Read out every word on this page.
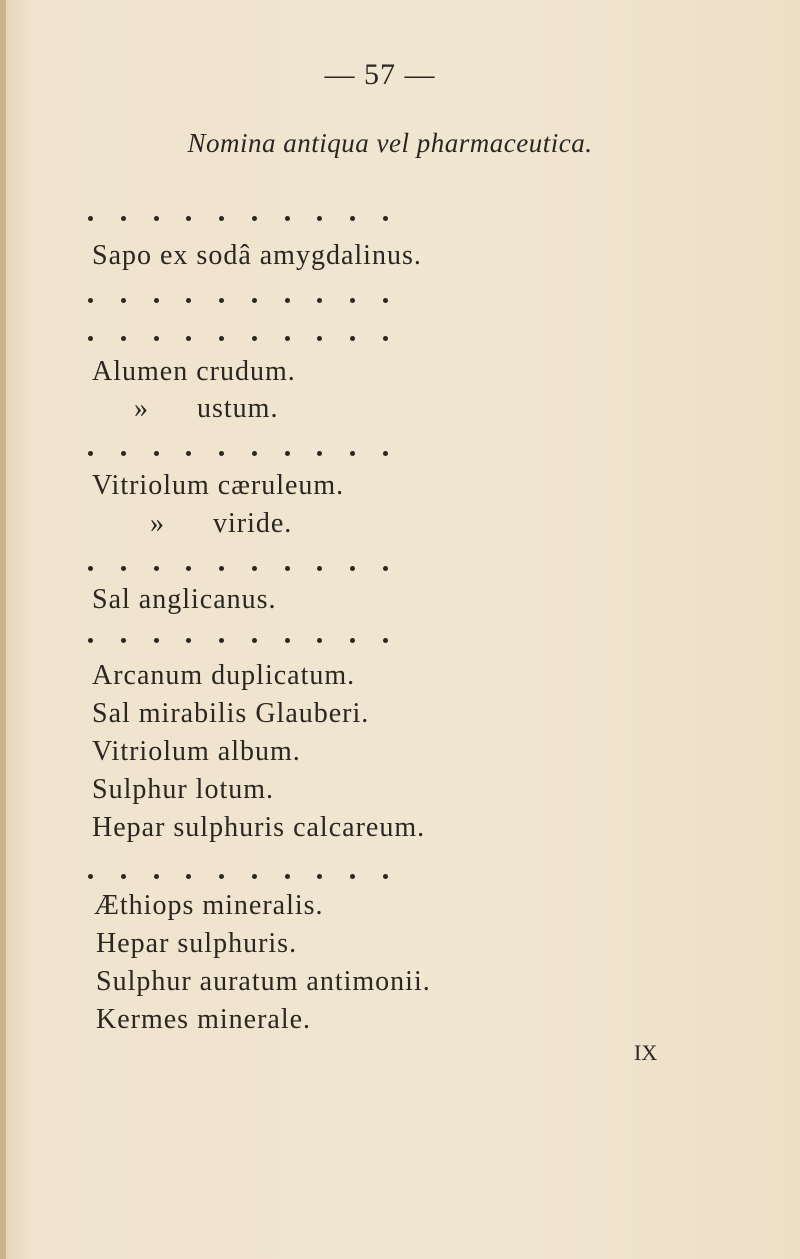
— 57 —
Nomina antiqua vel pharmaceutica.
Sapo ex sodâ amygdalinus.
Alumen crudum.
»      ustum.
Vitriolum cæruleum.
»      viride.
Sal anglicanus.
Arcanum duplicatum.
Sal mirabilis Glauberi.
Vitriolum album.
Sulphur lotum.
Hepar sulphuris calcareum.
Æthiops mineralis.
Hepar sulphuris.
Sulphur auratum antimonii.
Kermes minerale.
IX
